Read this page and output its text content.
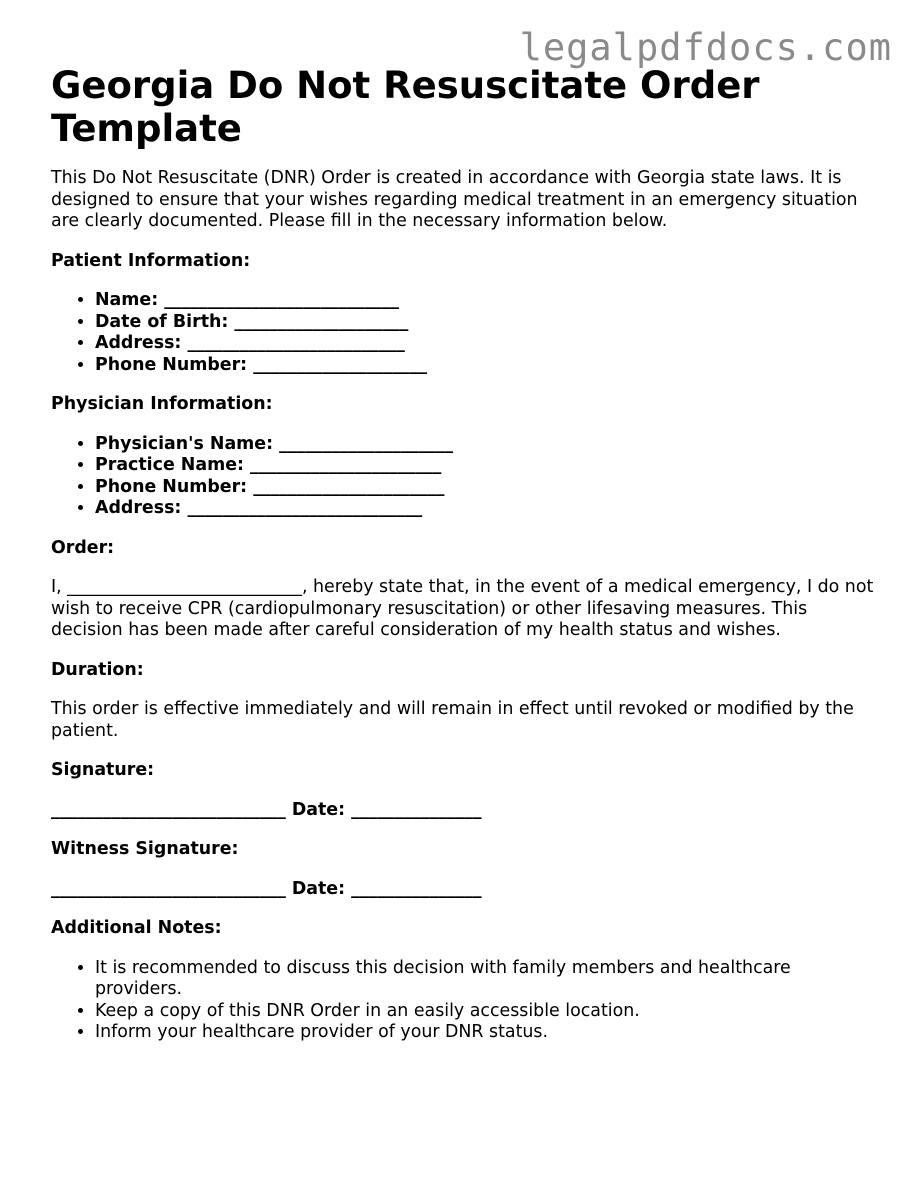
legalpdfdocs.com
Georgia Do Not Resuscitate Order Template

This Do Not Resuscitate (DNR) Order is created in accordance with Georgia state laws. It is designed to ensure that your wishes regarding medical treatment in an emergency situation are clearly documented. Please fill in the necessary information below.

Patient Information:
• Name: ___________________________
• Date of Birth: ____________________
• Address: _________________________
• Phone Number: ____________________
Physician Information:
• Physician's Name: ____________________
• Practice Name: ______________________
• Phone Number: ______________________
• Address: ___________________________
Order:

I, ___________________________, hereby state that, in the event of a medical emergency, I do not wish to receive CPR (cardiopulmonary resuscitation) or other lifesaving measures. This decision has been made after careful consideration of my health status and wishes.

Duration:

This order is effective immediately and will remain in effect until revoked or modified by the patient.

Signature:
___________________________ Date: _______________
Witness Signature:
___________________________ Date: _______________
Additional Notes:
• It is recommended to discuss this decision with family members and healthcare providers.
• Keep a copy of this DNR Order in an easily accessible location.
• Inform your healthcare provider of your DNR status.
